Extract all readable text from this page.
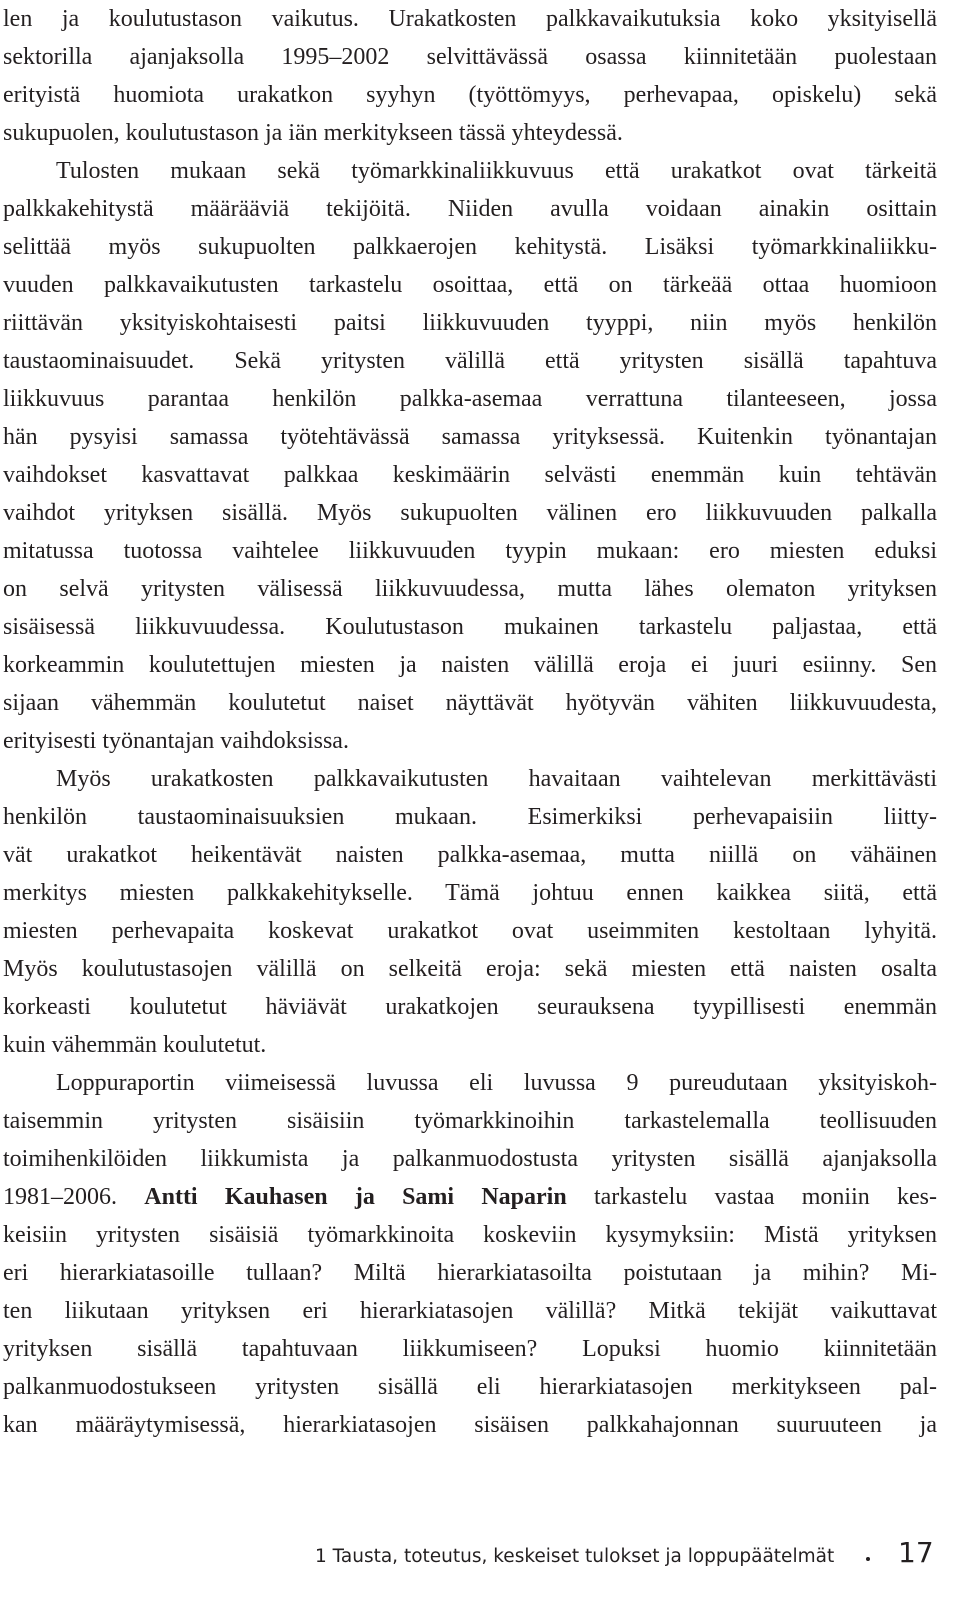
len ja koulutustason vaikutus. Urakatkosten palkkavaikutuksia koko yksityisellä
sektorilla ajanjaksolla 1995–2002 selvittävässä osassa kiinnitetään puolestaan
erityistä huomiota urakatkon syyhyn (työttömyys, perhevapaa, opiskelu) sekä
sukupuolen, koulutustason ja iän merkitykseen tässä yhteydessä.
Tulosten mukaan sekä työmarkkinaliikkuvuus että urakatkot ovat tärkeitä
palkkakehitystä määrääviä tekijöitä. Niiden avulla voidaan ainakin osittain
selittää myös sukupuolten palkkaerojen kehitystä. Lisäksi työmarkkinaliikku-
vuuden palkkavaikutusten tarkastelu osoittaa, että on tärkeää ottaa huomioon
riittävän yksityiskohtaisesti paitsi liikkuvuuden tyyppi, niin myös henkilön
taustaominaisuudet. Sekä yritysten välillä että yritysten sisällä tapahtuva
liikkuvuus parantaa henkilön palkka-asemaa verrattuna tilanteeseen, jossa
hän pysyisi samassa työtehtävässä samassa yrityksessä. Kuitenkin työnantajan
vaihdokset kasvattavat palkkaa keskimäärin selvästi enemmän kuin tehtävän
vaihdot yrityksen sisällä. Myös sukupuolten välinen ero liikkuvuuden palkalla
mitatussa tuotossa vaihtelee liikkuvuuden tyypin mukaan: ero miesten eduksi
on selvä yritysten välisessä liikkuvuudessa, mutta lähes olematon yrityksen
sisäisessä liikkuvuudessa. Koulutustason mukainen tarkastelu paljastaa, että
korkeammin koulutettujen miesten ja naisten välillä eroja ei juuri esiinny. Sen
sijaan vähemmän koulutetut naiset näyttävät hyötyvän vähiten liikkuvuudesta,
erityisesti työnantajan vaihdoksissa.
Myös urakatkosten palkkavaikutusten havaitaan vaihtelevan merkittävästi
henkilön taustaominaisuuksien mukaan. Esimerkiksi perhevapaisiin liitty-
vät urakatkot heikentävät naisten palkka-asemaa, mutta niillä on vähäinen
merkitys miesten palkkakehitykselle. Tämä johtuu ennen kaikkea siitä, että
miesten perhevapaita koskevat urakatkot ovat useimmiten kestoltaan lyhyitä.
Myös koulutustasojen välillä on selkeitä eroja: sekä miesten että naisten osalta
korkeasti koulutetut häviävät urakatkojen seurauksena tyypillisesti enemmän
kuin vähemmän koulutetut.
Loppuraportin viimeisessä luvussa eli luvussa 9 pureudutaan yksityiskoh-
taisemmin yritysten sisäisiin työmarkkinoihin tarkastelemalla teollisuuden
toimihenkilöiden liikkumista ja palkanmuodostusta yritysten sisällä ajanjaksolla
1981–2006. Antti Kauhasen ja Sami Naparin tarkastelu vastaa moniin kes-
keisiin yritysten sisäisiä työmarkkinoita koskeviin kysymyksiin: Mistä yrityksen
eri hierarkiatasoille tullaan? Miltä hierarkiatasoilta poistutaan ja mihin? Mi-
ten liikutaan yrityksen eri hierarkiatasojen välillä? Mitkä tekijät vaikuttavat
yrityksen sisällä tapahtuvaan liikkumiseen? Lopuksi huomio kiinnitetään
palkanmuodostukseen yritysten sisällä eli hierarkiatasojen merkitykseen pal-
kan määräytymisessä, hierarkiatasojen sisäisen palkkahajonnan suuruuteen ja
1 Tausta, toteutus, keskeiset tulokset ja loppupäätelmät 17
